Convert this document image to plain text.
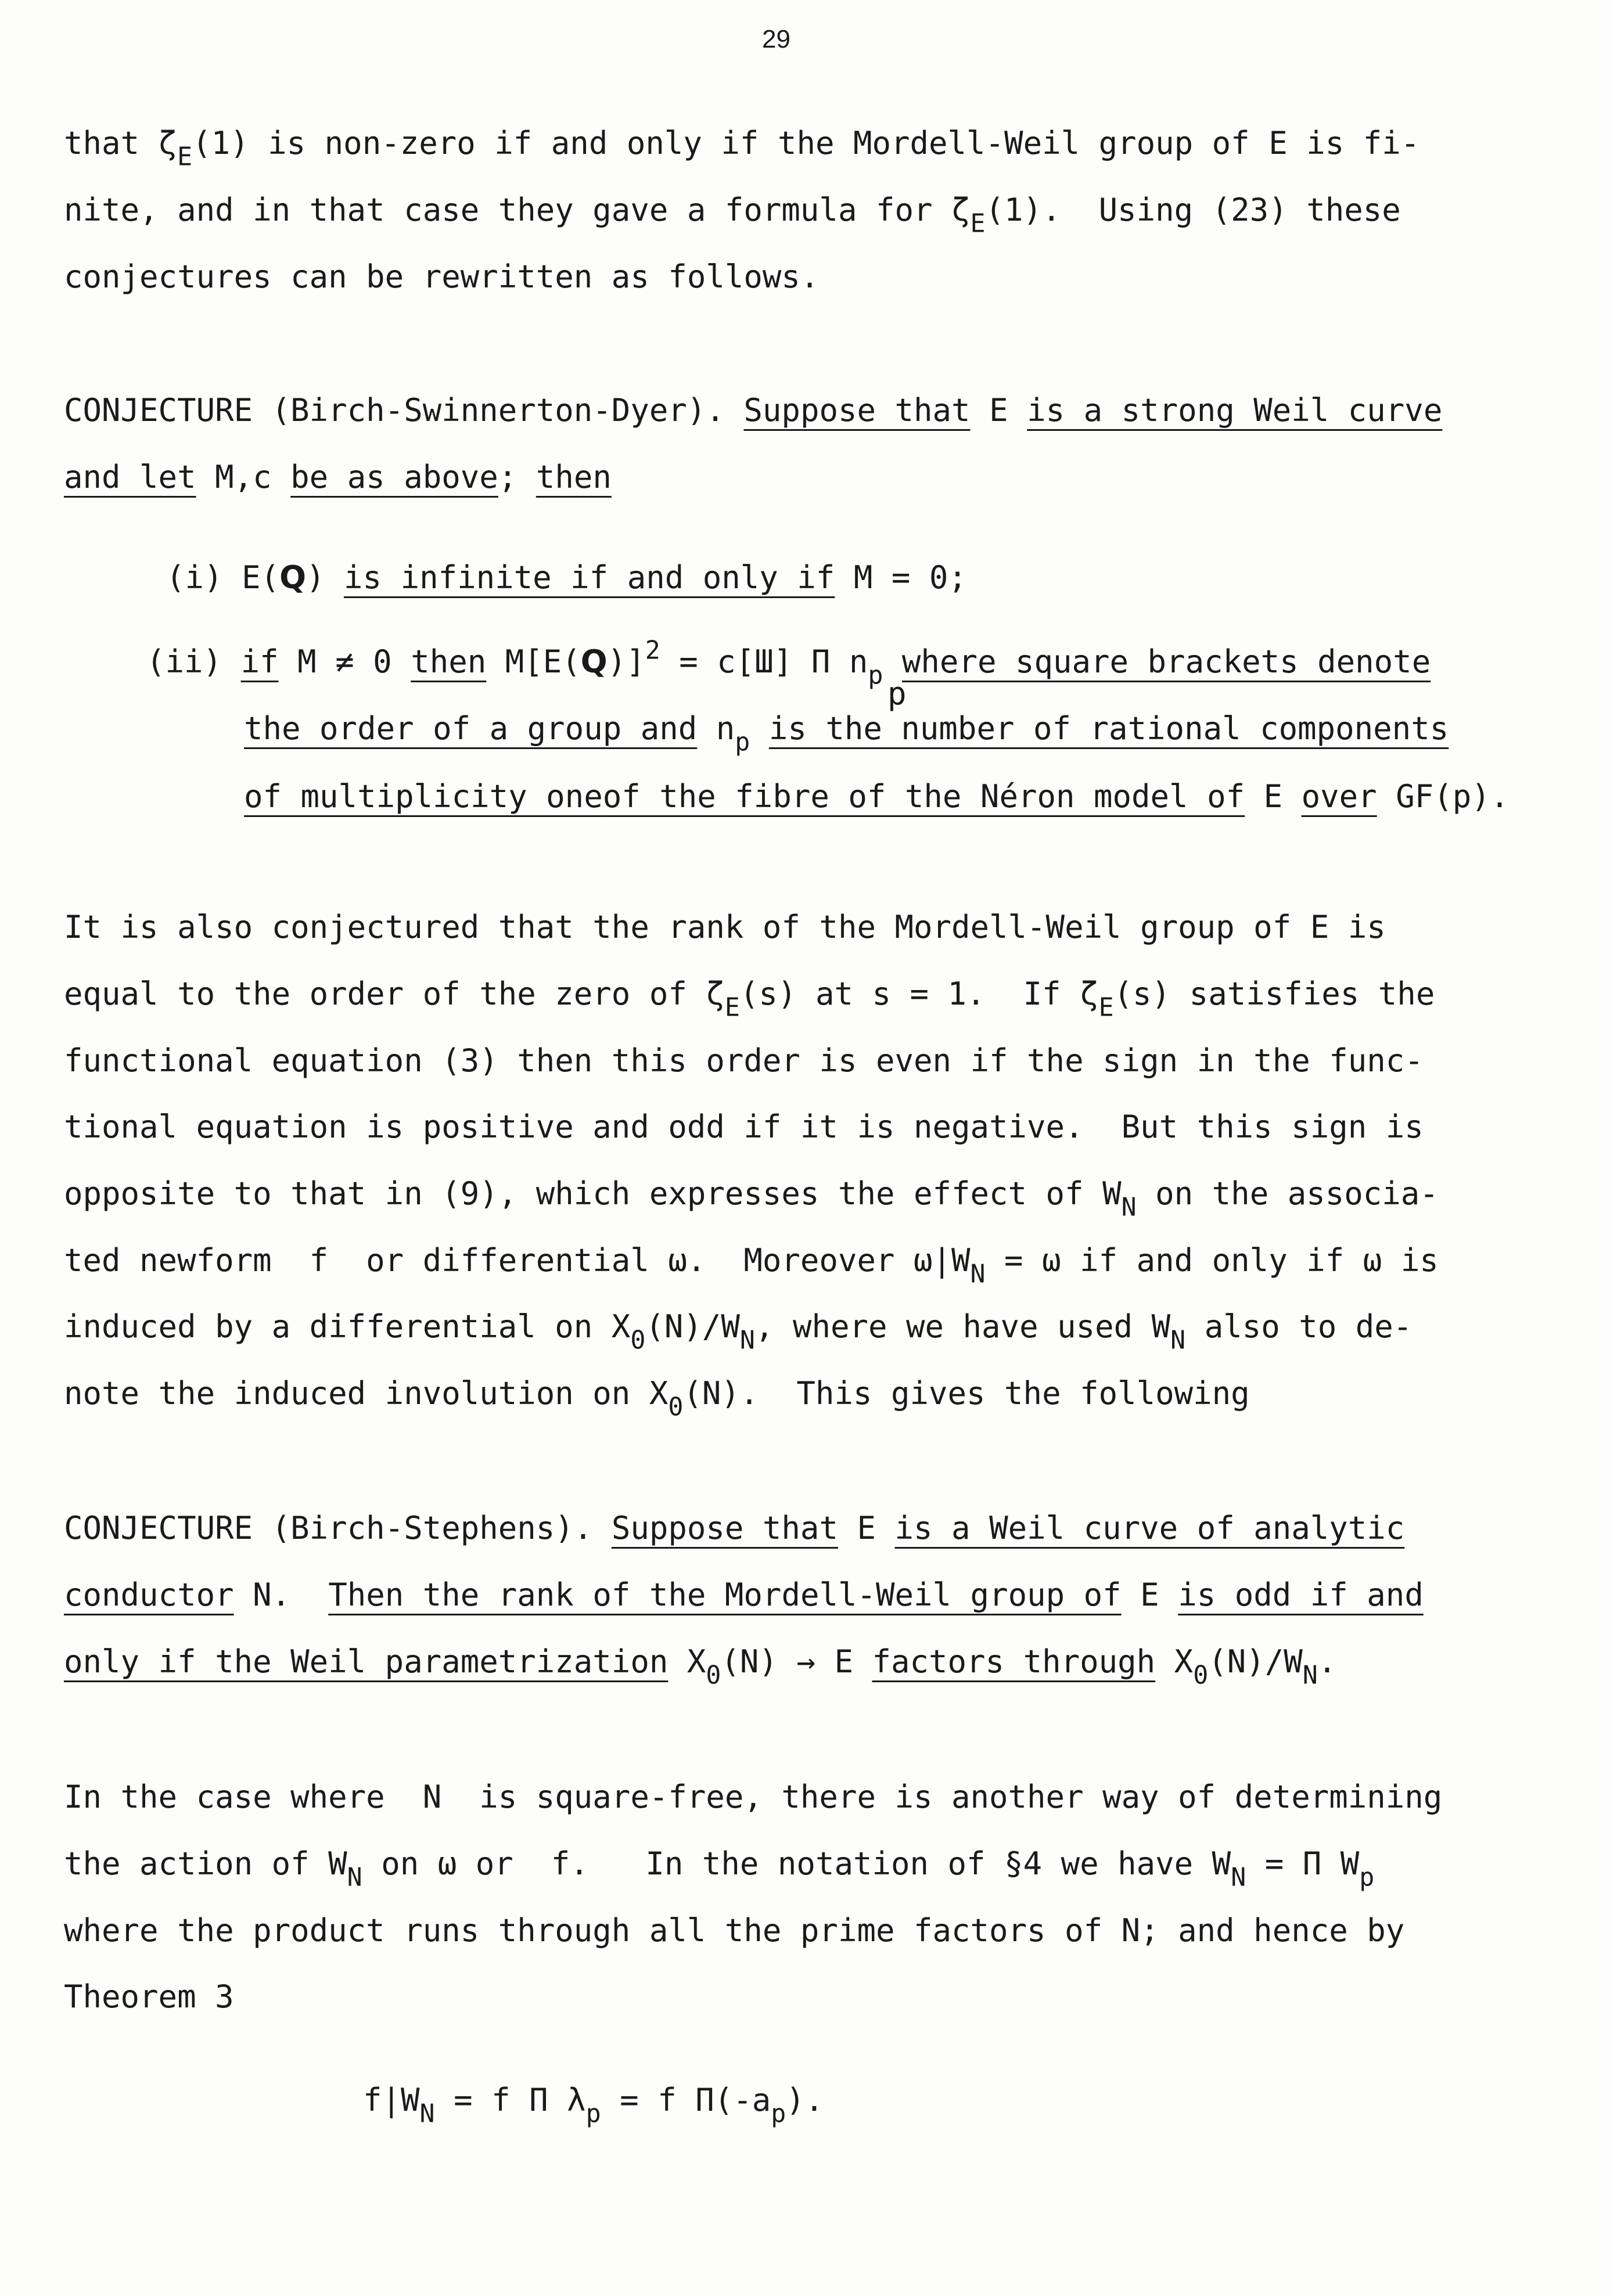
29
that $\zeta_E(1)$ is non-zero if and only if the Mordell-Weil group of E is fi-
nite, and in that case they gave a formula for $\zeta_E(1)$.  Using (23) these
conjectures can be rewritten as follows.
CONJECTURE (Birch-Swinnerton-Dyer). Suppose that E is a strong Weil curve
and let M,c be as above; then
(i) E(Q) is infinite if and only if M = 0;
(ii) if M ≠ 0 then $M[E(Q)]^2 = c[Ш]$ Π $n_p$ where square brackets denote
p
the order of a group and $n_p$ is the number of rational components
of multiplicity oneof the fibre of the Néron model of E over GF(p).
It is also conjectured that the rank of the Mordell-Weil group of E is
equal to the order of the zero of $\zeta_E(s)$ at s = 1.  If $\zeta_E(s)$ satisfies the
functional equation (3) then this order is even if the sign in the func-
tional equation is positive and odd if it is negative.  But this sign is
opposite to that in (9), which expresses the effect of $W_N$ on the associa-
ted newform  f  or differential ω.  Moreover $\omega|W_N = \omega$ if and only if ω is
induced by a differential on $X_0(N)/W_N$, where we have used $W_N$ also to de-
note the induced involution on $X_0(N)$.  This gives the following
CONJECTURE (Birch-Stephens). Suppose that E is a Weil curve of analytic
conductor N. Then the rank of the Mordell-Weil group of E is odd if and
only if the Weil parametrization $X_0(N) \to E$ factors through $X_0(N)/W_N$.
In the case where  N  is square-free, there is another way of determining
the action of $W_N$ on ω or  f.   In the notation of §4 we have $W_N = \Pi$ $W_p$
where the product runs through all the prime factors of N; and hence by
Theorem 3
$f|W_N = f$ Π $\lambda_p = f$ $\Pi(-a_p)$.
